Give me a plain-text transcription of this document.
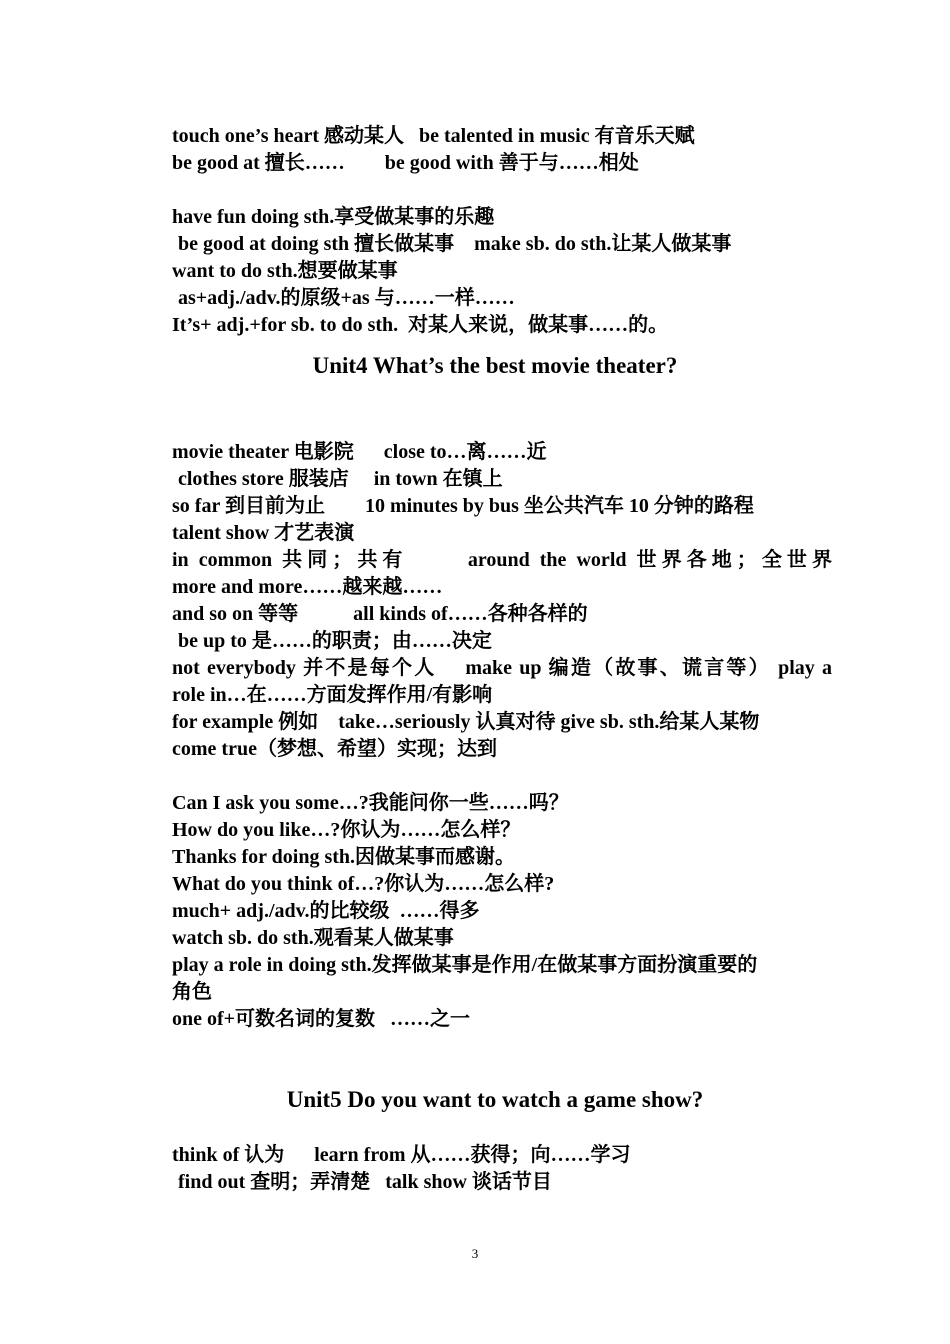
touch one’s heart 感动某人   be talented in music 有音乐天赋
be good at 擅长……        be good with 善于与……相处
have fun doing sth.享受做某事的乐趣
be good at doing sth 擅长做某事    make sb. do sth.让某人做某事
want to do sth.想要做某事
as+adj./adv.的原级+as 与……一样……
It’s+ adj.+for sb. to do sth.  对某人来说，做某事……的。
Unit4 What’s the best movie theater?
movie theater 电影院      close to…离……近
clothes store 服装店     in town 在镇上
so far 到目前为止        10 minutes by bus 坐公共汽车 10 分钟的路程
talent show 才艺表演
in common 共同；共有      around the world 世界各地；全世界
more and more……越来越……
and so on 等等           all kinds of……各种各样的
be up to 是……的职责；由……决定
not everybody 并不是每个人    make up 编造（故事、谎言等） play a
role in…在……方面发挥作用/有影响
for example 例如    take…seriously 认真对待 give sb. sth.给某人某物
come true（梦想、希望）实现；达到
Can I ask you some…?我能问你一些……吗？
How do you like…?你认为……怎么样？
Thanks for doing sth.因做某事而感谢。
What do you think of…?你认为……怎么样?
much+ adj./adv.的比较级  ……得多
watch sb. do sth.观看某人做某事
play a role in doing sth.发挥做某事是作用/在做某事方面扮演重要的
角色
one of+可数名词的复数   ……之一
Unit5 Do you want to watch a game show?
think of 认为      learn from 从……获得；向……学习
find out 查明；弄清楚   talk show 谈话节目
3
